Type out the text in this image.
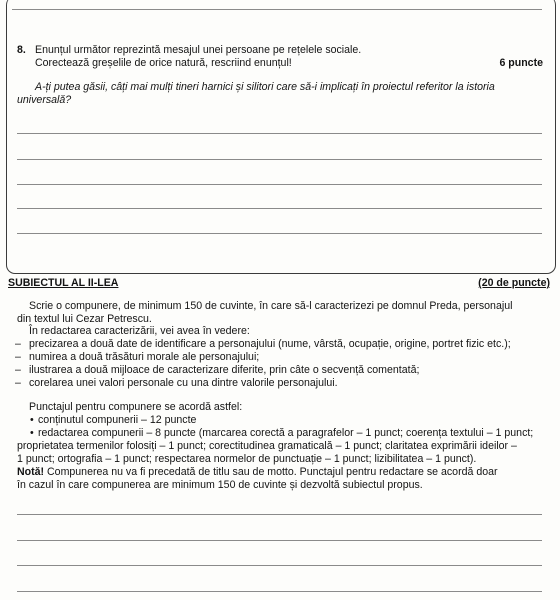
8. Enunțul următor reprezintă mesajul unei persoane pe rețelele sociale.
Corectează greșelile de orice natură, rescriind enunțul!	6 puncte
A-ți putea găsii, câți mai mulți tineri harnici și silitori care să-i implicați în proiectul referitor la istoria
universală?
SUBIECTUL AL II-LEA	(20 de puncte)
Scrie o compunere, de minimum 150 de cuvinte, în care să-l caracterizezi pe domnul Preda, personajul
din textul lui Cezar Petrescu.
În redactarea caracterizării, vei avea în vedere:
– precizarea a două date de identificare a personajului (nume, vârstă, ocupație, origine, portret fizic etc.);
– numirea a două trăsături morale ale personajului;
– ilustrarea a două mijloace de caracterizare diferite, prin câte o secvență comentată;
– corelarea unei valori personale cu una dintre valorile personajului.
Punctajul pentru compunere se acordă astfel:
• conținutul compunerii – 12 puncte
• redactarea compunerii – 8 puncte (marcarea corectă a paragrafelor – 1 punct; coerența textului – 1 punct;
proprietatea termenilor folosiți – 1 punct; corectitudinea gramaticală – 1 punct; claritatea exprimării ideilor –
1 punct; ortografia – 1 punct; respectarea normelor de punctuație – 1 punct; lizibilitatea – 1 punct).
Notă! Compunerea nu va fi precedată de titlu sau de motto. Punctajul pentru redactare se acordă doar
în cazul în care compunerea are minimum 150 de cuvinte și dezvoltă subiectul propus.
